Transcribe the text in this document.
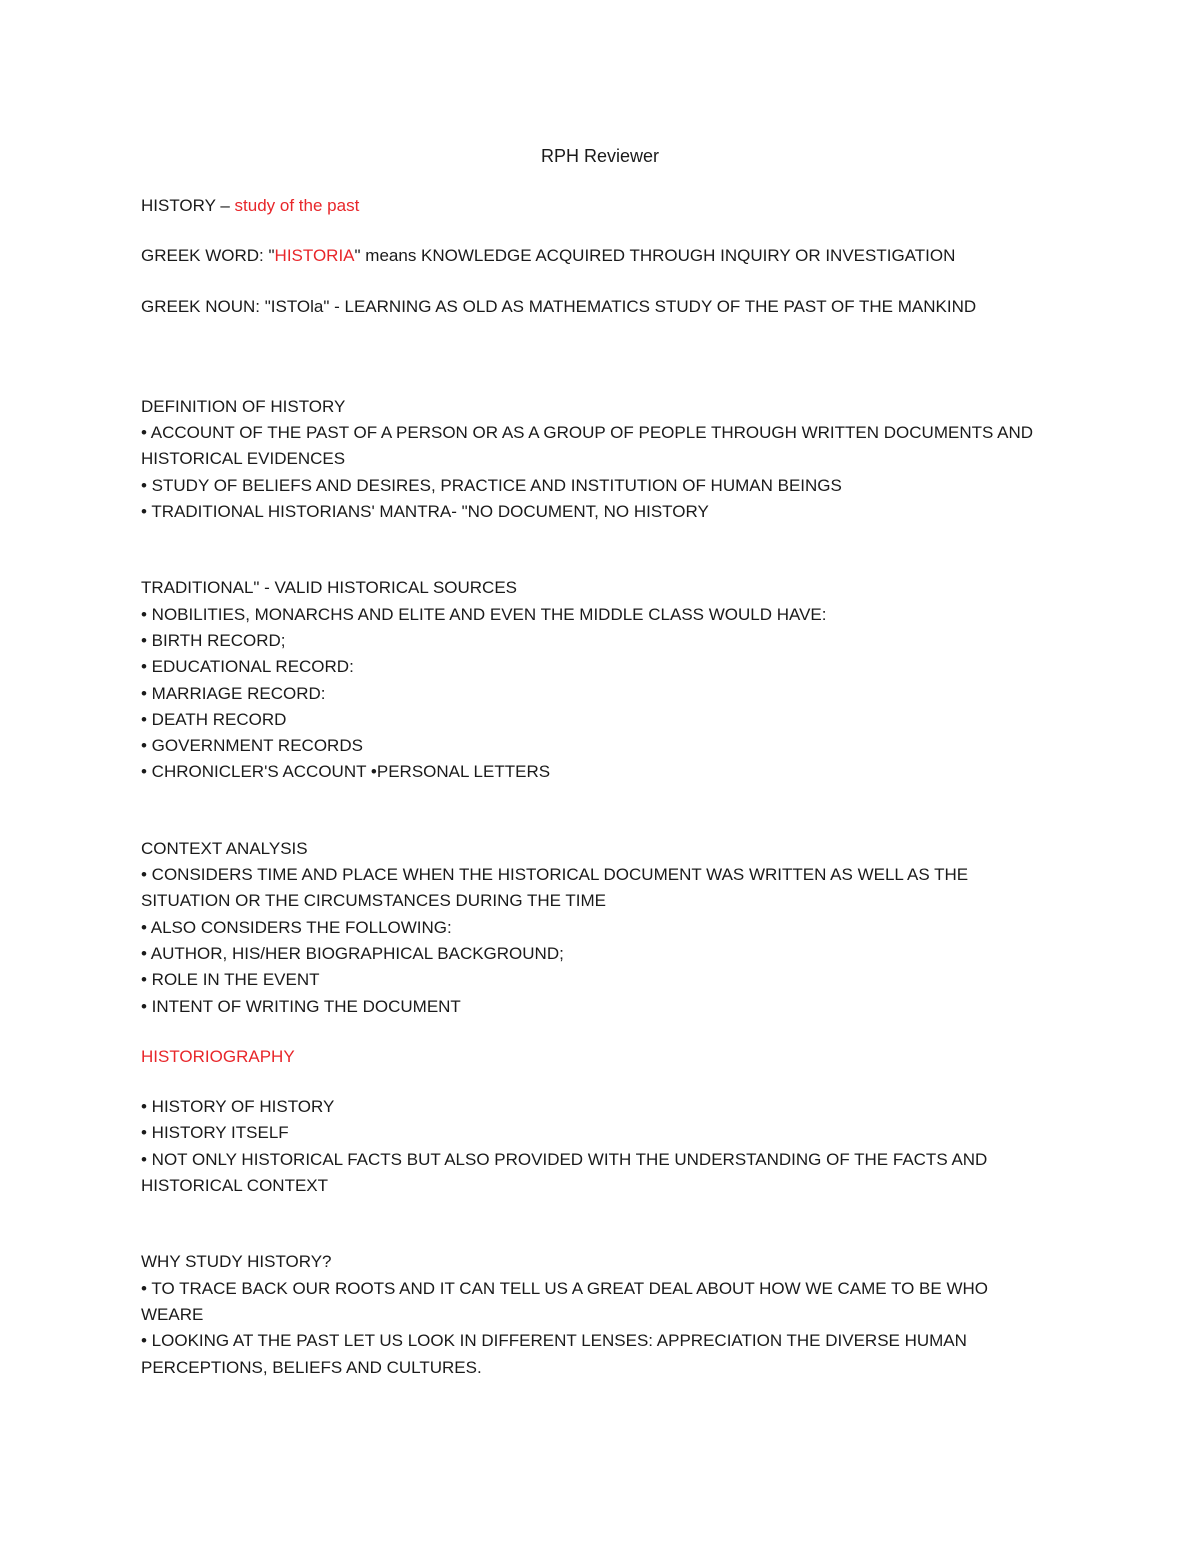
RPH Reviewer

HISTORY – study of the past

GREEK WORD: "HISTORIA" means KNOWLEDGE ACQUIRED THROUGH INQUIRY OR INVESTIGATION

GREEK NOUN: "ISTOla" - LEARNING AS OLD AS MATHEMATICS STUDY OF THE PAST OF THE MANKIND

DEFINITION OF HISTORY

• ACCOUNT OF THE PAST OF A PERSON OR AS A GROUP OF PEOPLE THROUGH WRITTEN DOCUMENTS AND HISTORICAL EVIDENCES
• STUDY OF BELIEFS AND DESIRES, PRACTICE AND INSTITUTION OF HUMAN BEINGS
• TRADITIONAL HISTORIANS' MANTRA- "NO DOCUMENT, NO HISTORY

TRADITIONAL" - VALID HISTORICAL SOURCES

• NOBILITIES, MONARCHS AND ELITE AND EVEN THE MIDDLE CLASS WOULD HAVE:
• BIRTH RECORD;
• EDUCATIONAL RECORD:
• MARRIAGE RECORD:
• DEATH RECORD
• GOVERNMENT RECORDS
• CHRONICLER'S ACCOUNT •PERSONAL LETTERS

CONTEXT ANALYSIS

• CONSIDERS TIME AND PLACE WHEN THE HISTORICAL DOCUMENT WAS WRITTEN AS WELL AS THE SITUATION OR THE CIRCUMSTANCES DURING THE TIME
• ALSO CONSIDERS THE FOLLOWING:
• AUTHOR, HIS/HER BIOGRAPHICAL BACKGROUND;
• ROLE IN THE EVENT
• INTENT OF WRITING THE DOCUMENT

HISTORIOGRAPHY

• HISTORY OF HISTORY
• HISTORY ITSELF
• NOT ONLY HISTORICAL FACTS BUT ALSO PROVIDED WITH THE UNDERSTANDING OF THE FACTS AND HISTORICAL CONTEXT

WHY STUDY HISTORY?

• TO TRACE BACK OUR ROOTS AND IT CAN TELL US A GREAT DEAL ABOUT HOW WE CAME TO BE WHO WEARE
• LOOKING AT THE PAST LET US LOOK IN DIFFERENT LENSES: APPRECIATION THE DIVERSE HUMAN PERCEPTIONS, BELIEFS AND CULTURES.
